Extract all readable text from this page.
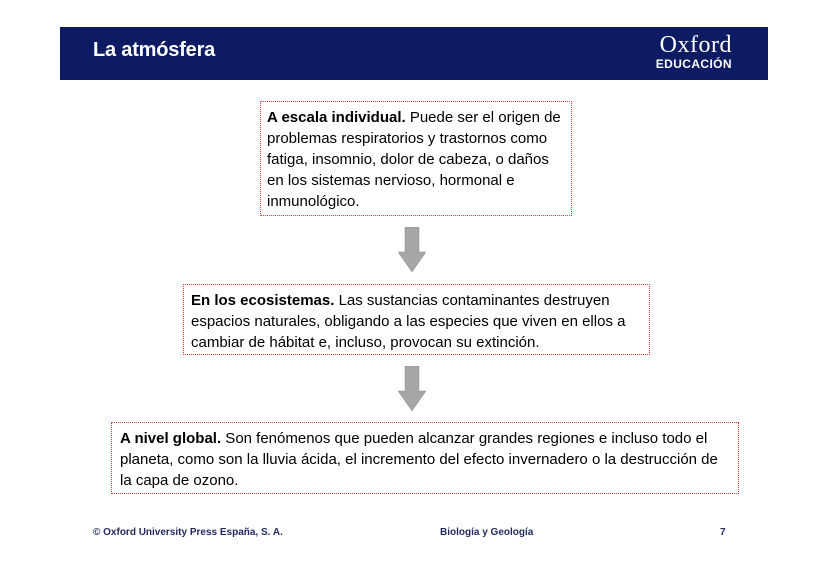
La atmósfera	Oxford
EDUCACIÓN
A escala individual. Puede ser el origen de problemas respiratorios y trastornos como fatiga, insomnio, dolor de cabeza, o daños en los sistemas nervioso, hormonal e inmunológico.
En los ecosistemas. Las sustancias contaminantes destruyen espacios naturales, obligando a las especies que viven en ellos a cambiar de hábitat e, incluso, provocan su extinción.
A nivel global. Son fenómenos que pueden alcanzar grandes regiones e incluso todo el planeta, como son la lluvia ácida, el incremento del efecto invernadero o la destrucción de la capa de ozono.
© Oxford University Press España, S. A.	Biología y Geología	7
